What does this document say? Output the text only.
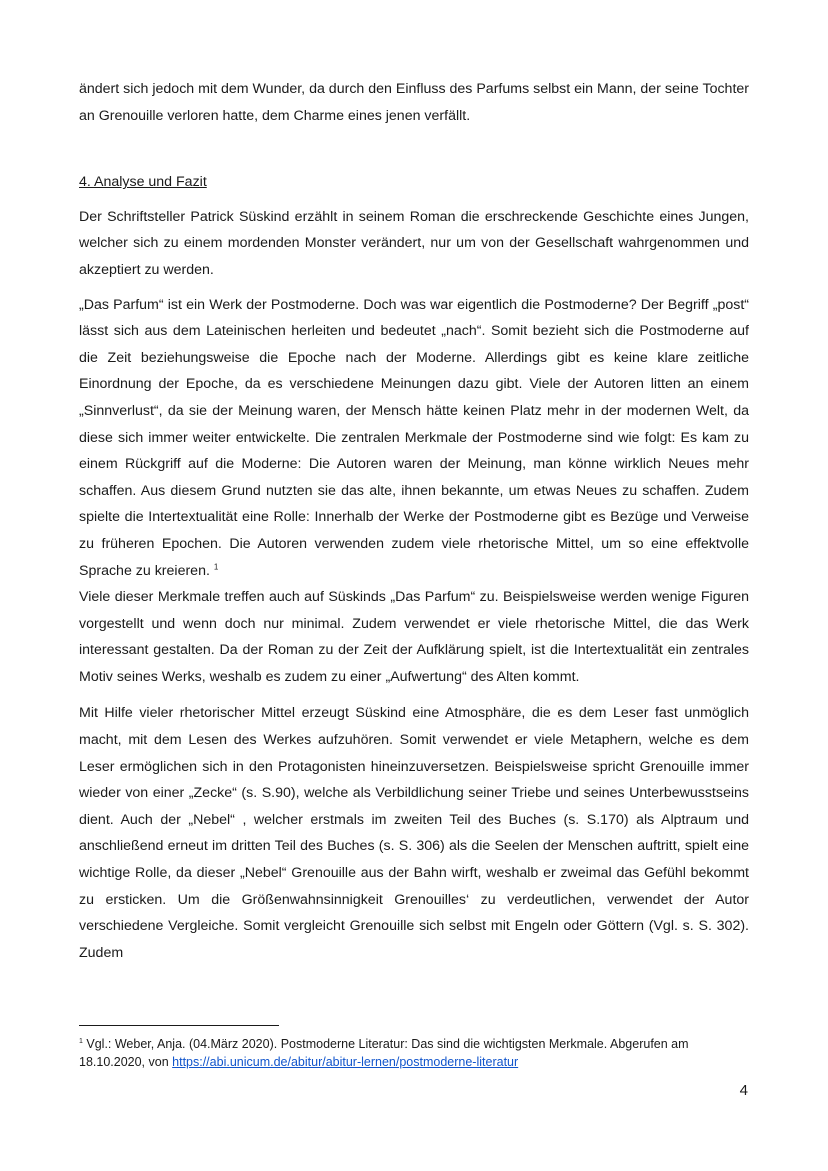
ändert sich jedoch mit dem Wunder, da durch den Einfluss des Parfums selbst ein Mann, der seine Tochter an Grenouille verloren hatte, dem Charme eines jenen verfällt.

4. Analyse und Fazit

Der Schriftsteller Patrick Süskind erzählt in seinem Roman die erschreckende Geschichte eines Jungen, welcher sich zu einem mordenden Monster verändert, nur um von der Gesellschaft wahrgenommen und akzeptiert zu werden.

„Das Parfum“ ist ein Werk der Postmoderne. Doch was war eigentlich die Postmoderne? Der Begriff „post“ lässt sich aus dem Lateinischen herleiten und bedeutet „nach“. Somit bezieht sich die Postmoderne auf die Zeit beziehungsweise die Epoche nach der Moderne. Allerdings gibt es keine klare zeitliche Einordnung der Epoche, da es verschiedene Meinungen dazu gibt. Viele der Autoren litten an einem „Sinnverlust“, da sie der Meinung waren, der Mensch hätte keinen Platz mehr in der modernen Welt, da diese sich immer weiter entwickelte. Die zentralen Merkmale der Postmoderne sind wie folgt: Es kam zu einem Rückgriff auf die Moderne: Die Autoren waren der Meinung, man könne wirklich Neues mehr schaffen. Aus diesem Grund nutzten sie das alte, ihnen bekannte, um etwas Neues zu schaffen. Zudem spielte die Intertextualität eine Rolle: Innerhalb der Werke der Postmoderne gibt es Bezüge und Verweise zu früheren Epochen. Die Autoren verwenden zudem viele rhetorische Mittel, um so eine effektvolle Sprache zu kreieren. $^1$
Viele dieser Merkmale treffen auch auf Süskinds „Das Parfum“ zu. Beispielsweise werden wenige Figuren vorgestellt und wenn doch nur minimal. Zudem verwendet er viele rhetorische Mittel, die das Werk interessant gestalten. Da der Roman zu der Zeit der Aufklärung spielt, ist die Intertextualität ein zentrales Motiv seines Werks, weshalb es zudem zu einer „Aufwertung“ des Alten kommt.

Mit Hilfe vieler rhetorischer Mittel erzeugt Süskind eine Atmosphäre, die es dem Leser fast unmöglich macht, mit dem Lesen des Werkes aufzuhören. Somit verwendet er viele Metaphern, welche es dem Leser ermöglichen sich in den Protagonisten hineinzuversetzen. Beispielsweise spricht Grenouille immer wieder von einer „Zecke“ (s. S.90), welche als Verbildlichung seiner Triebe und seines Unterbewusstseins dient. Auch der „Nebel“ , welcher erstmals im zweiten Teil des Buches (s. S.170) als Alptraum und anschließend erneut im dritten Teil des Buches (s. S. 306) als die Seelen der Menschen auftritt, spielt eine wichtige Rolle, da dieser „Nebel“ Grenouille aus der Bahn wirft, weshalb er zweimal das Gefühl bekommt zu ersticken. Um die Größenwahnsinnigkeit Grenouilles‘ zu verdeutlichen, verwendet der Autor verschiedene Vergleiche. Somit vergleicht Grenouille sich selbst mit Engeln oder Göttern (Vgl. s. S. 302). Zudem

$^1$ Vgl.: Weber, Anja. (04.März 2020). Postmoderne Literatur: Das sind die wichtigsten Merkmale. Abgerufen am 18.10.2020, von https://abi.unicum.de/abitur/abitur-lernen/postmoderne-literatur
4
